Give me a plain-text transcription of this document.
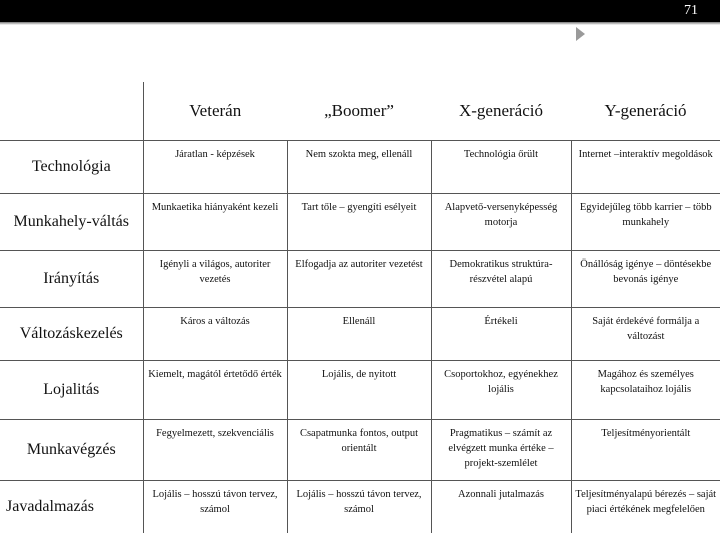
71
	Veterán	„Boomer”	X-generáció	Y-generáció
Technológia	Járatlan - képzések	Nem szokta meg, ellenáll	Technológia őrült	Internet –interaktív megoldások
Munkahely-váltás	Munkaetika hiányaként kezeli	Tart tőle – gyengíti esélyeit	Alapvető-versenyképesség motorja	Egyidejűleg több karrier – több munkahely
Irányítás	Igényli a világos, autoriter vezetés	Elfogadja az autoriter vezetést	Demokratikus struktúra- részvétel alapú	Önállóság igénye – döntésekbe bevonás igénye
Változáskezelés	Káros a változás	Ellenáll	Értékeli	Saját érdekévé formálja a változást
Lojalitás	Kiemelt, magától értetődő érték	Lojális, de nyitott	Csoportokhoz, egyénekhez lojális	Magához és személyes kapcsolataihoz lojális
Munkavégzés	Fegyelmezett, szekvenciális	Csapatmunka fontos, output orientált	Pragmatikus – számít az elvégzett munka értéke – projekt-szemlélet	Teljesítményorientált
Javadalmazás	Lojális – hosszú távon tervez, számol	Lojális – hosszú távon tervez, számol	Azonnali jutalmazás	Teljesítményalapú bérezés – saját piaci értékének megfelelően
